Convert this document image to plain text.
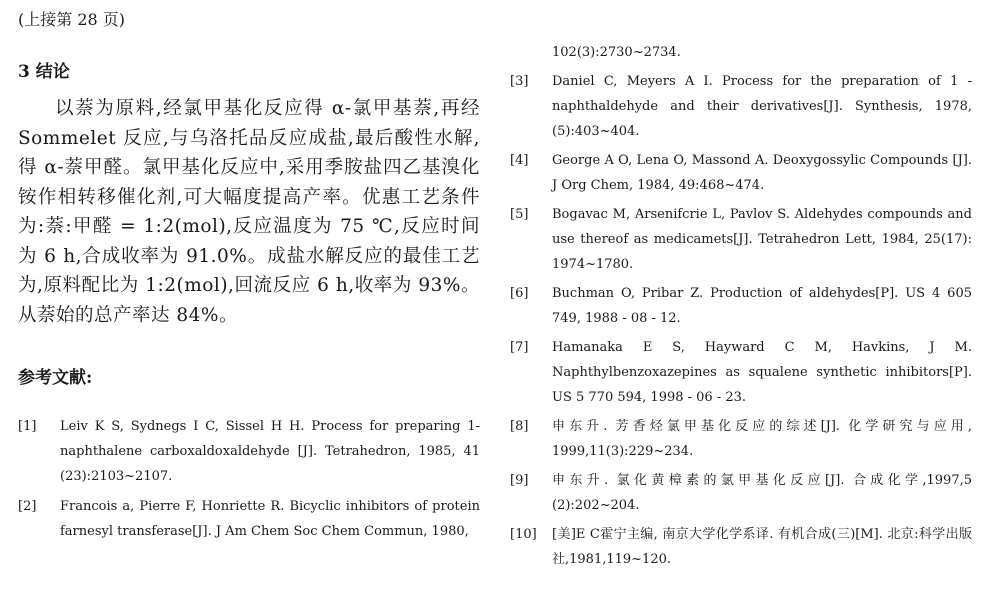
(上接第 28 页)

3 结论

以萘为原料,经氯甲基化反应得 α-氯甲基萘,再经 Sommelet 反应,与乌洛托品反应成盐,最后酸性水解,得 α-萘甲醛。氯甲基化反应中,采用季胺盐四乙基溴化铵作相转移催化剂,可大幅度提高产率。优惠工艺条件为:萘:甲醛 = 1:2(mol),反应温度为 75 ℃,反应时间为 6 h,合成收率为 91.0%。成盐水解反应的最佳工艺为,原料配比为 1:2(mol),回流反应 6 h,收率为 93%。从萘始的总产率达 84%。

参考文献:
[1]	Leiv K S, Sydnegs I C, Sissel H H. Process for preparing 1-naphthalene carboxaldoxaldehyde [J]. Tetrahedron, 1985, 41 (23):2103~2107.
[2]	Francois a, Pierre F, Honriette R. Bicyclic inhibitors of protein farnesyl transferase[J]. J Am Chem Soc Chem Commun, 1980,

102(3):2730~2734.

[3]	Daniel C, Meyers A I. Process for the preparation of 1 - naphthaldehyde and their derivatives[J]. Synthesis, 1978, (5):403~404.
[4]	George A O, Lena O, Massond A. Deoxygossylic Compounds [J]. J Org Chem, 1984, 49:468~474.
[5]	Bogavac M, Arsenifcrie L, Pavlov S. Aldehydes compounds and use thereof as medicamets[J]. Tetrahedron Lett, 1984, 25(17): 1974~1780.
[6]	Buchman O, Pribar Z. Production of aldehydes[P]. US 4 605 749, 1988 - 08 - 12.
[7]	Hamanaka E S, Hayward C M, Havkins, J M. Naphthylbenzoxazepines as squalene synthetic inhibitors[P]. US 5 770 594, 1998 - 06 - 23.
[8]	申东升. 芳香烃氯甲基化反应的综述[J]. 化学研究与应用, 1999,11(3):229~234.
[9]	申东升. 氯化黄樟素的氯甲基化反应[J]. 合成化学,1997,5 (2):202~204.
[10]	[美]E C霍宁主编, 南京大学化学系译. 有机合成(三)[M]. 北京:科学出版社,1981,119~120.
